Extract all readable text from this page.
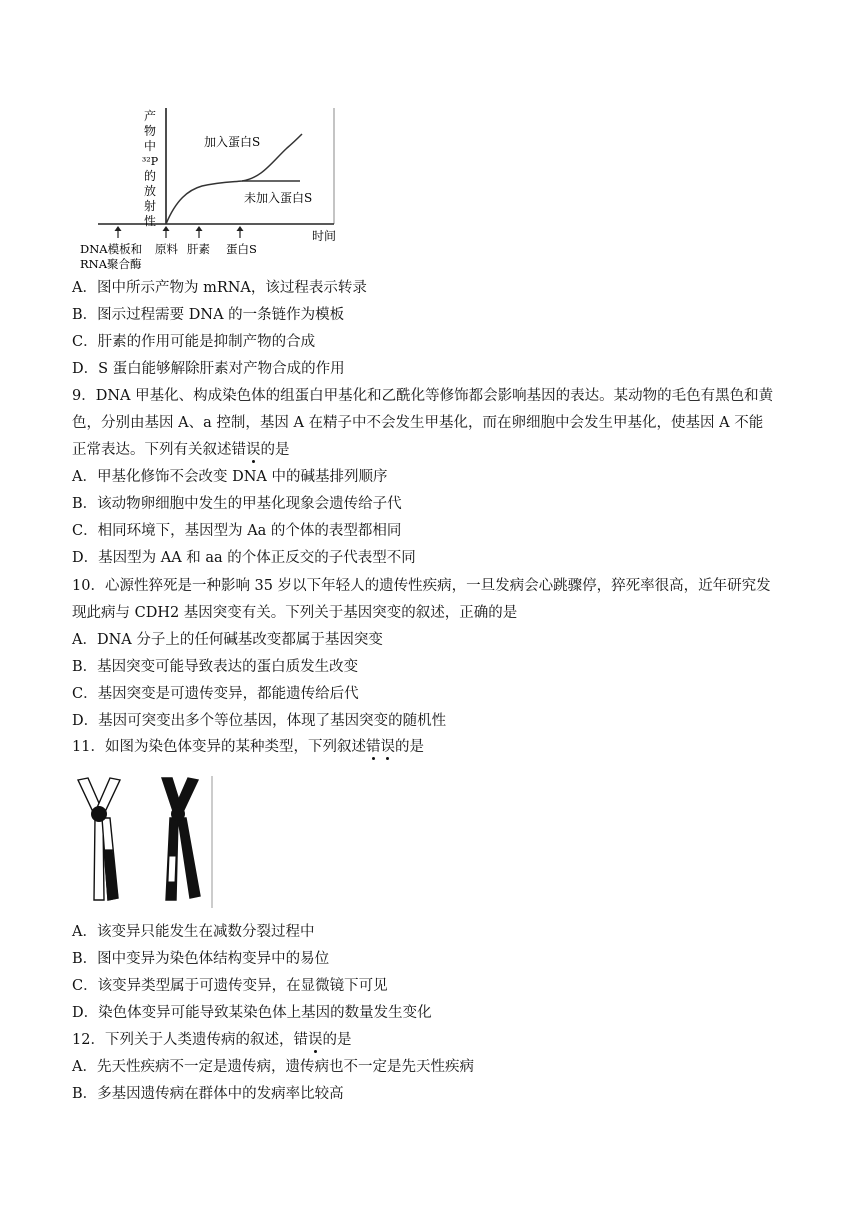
产
物
中
³²P
的
放
射
性
加入蛋白S
未加入蛋白S
时间
DNA模板和
RNA聚合酶
原料 肝素 蛋白S
A．图中所示产物为 mRNA，该过程表示转录
B．图示过程需要 DNA 的一条链作为模板
C．肝素的作用可能是抑制产物的合成
D．S 蛋白能够解除肝素对产物合成的作用
9．DNA 甲基化、构成染色体的组蛋白甲基化和乙酰化等修饰都会影响基因的表达。某动物的毛色有黑色和黄
色，分别由基因 A、a 控制，基因 A 在精子中不会发生甲基化，而在卵细胞中会发生甲基化，使基因 A 不能
正常表达。下列有关叙述错误的是
A．甲基化修饰不会改变 DNA 中的碱基排列顺序
B．该动物卵细胞中发生的甲基化现象会遗传给子代
C．相同环境下，基因型为 Aa 的个体的表型都相同
D．基因型为 AA 和 aa 的个体正反交的子代表型不同
10．心源性猝死是一种影响 35 岁以下年轻人的遗传性疾病，一旦发病会心跳骤停，猝死率很高，近年研究发
现此病与 CDH2 基因突变有关。下列关于基因突变的叙述，正确的是
A．DNA 分子上的任何碱基改变都属于基因突变
B．基因突变可能导致表达的蛋白质发生改变
C．基因突变是可遗传变异，都能遗传给后代
D．基因可突变出多个等位基因，体现了基因突变的随机性
11．如图为染色体变异的某种类型，下列叙述错误的是
A．该变异只能发生在减数分裂过程中
B．图中变异为染色体结构变异中的易位
C．该变异类型属于可遗传变异，在显微镜下可见
D．染色体变异可能导致某染色体上基因的数量发生变化
12．下列关于人类遗传病的叙述，错误的是
A．先天性疾病不一定是遗传病，遗传病也不一定是先天性疾病
B．多基因遗传病在群体中的发病率比较高
